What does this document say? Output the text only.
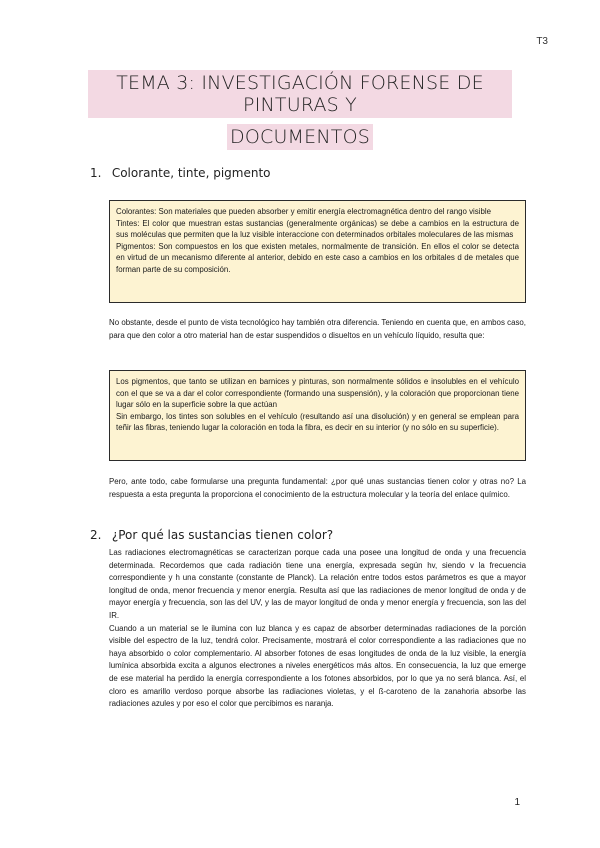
T3
TEMA 3: INVESTIGACIÓN FORENSE DE PINTURAS Y
DOCUMENTOS
1. Colorante, tinte, pigmento

Colorantes: Son materiales que pueden absorber y emitir energía electromagnética dentro del rango visible

Tintes: El color que muestran estas sustancias (generalmente orgánicas) se debe a cambios en la estructura de sus moléculas que permiten que la luz visible interaccione con determinados orbitales moleculares de las mismas

Pigmentos: Son compuestos en los que existen metales, normalmente de transición. En ellos el color se detecta en virtud de un mecanismo diferente al anterior, debido en este caso a cambios en los orbitales d de metales que forman parte de su composición.

No obstante, desde el punto de vista tecnológico hay también otra diferencia. Teniendo en cuenta que, en ambos caso, para que den color a otro material han de estar suspendidos o disueltos en un vehículo líquido, resulta que:

Los pigmentos, que tanto se utilizan en barnices y pinturas, son normalmente sólidos e insolubles en el vehículo con el que se va a dar el color correspondiente (formando una suspensión), y la coloración que proporcionan tiene lugar sólo en la superficie sobre la que actúan

Sin embargo, los tintes son solubles en el vehículo (resultando así una disolución) y en general se emplean para teñir las fibras, teniendo lugar la coloración en toda la fibra, es decir en su interior (y no sólo en su superficie).

Pero, ante todo, cabe formularse una pregunta fundamental: ¿por qué unas sustancias tienen color y otras no? La respuesta a esta pregunta la proporciona el conocimiento de la estructura molecular y la teoría del enlace químico.

2. ¿Por qué las sustancias tienen color?

Las radiaciones electromagnéticas se caracterizan porque cada una posee una longitud de onda y una frecuencia determinada. Recordemos que cada radiación tiene una energía, expresada según hv, siendo v la frecuencia correspondiente y h una constante (constante de Planck). La relación entre todos estos parámetros es que a mayor longitud de onda, menor frecuencia y menor energía. Resulta así que las radiaciones de menor longitud de onda y de mayor energía y frecuencia, son las del UV, y las de mayor longitud de onda y menor energía y frecuencia, son las del IR.

Cuando a un material se le ilumina con luz blanca y es capaz de absorber determinadas radiaciones de la porción visible del espectro de la luz, tendrá color. Precisamente, mostrará el color correspondiente a las radiaciones que no haya absorbido o color complementario. Al absorber fotones de esas longitudes de onda de la luz visible, la energía lumínica absorbida excita a algunos electrones a niveles energéticos más altos. En consecuencia, la luz que emerge de ese material ha perdido la energía correspondiente a los fotones absorbidos, por lo que ya no será blanca. Así, el cloro es amarillo verdoso porque absorbe las radiaciones violetas, y el ß-caroteno de la zanahoria absorbe las radiaciones azules y por eso el color que percibimos es naranja.

1
